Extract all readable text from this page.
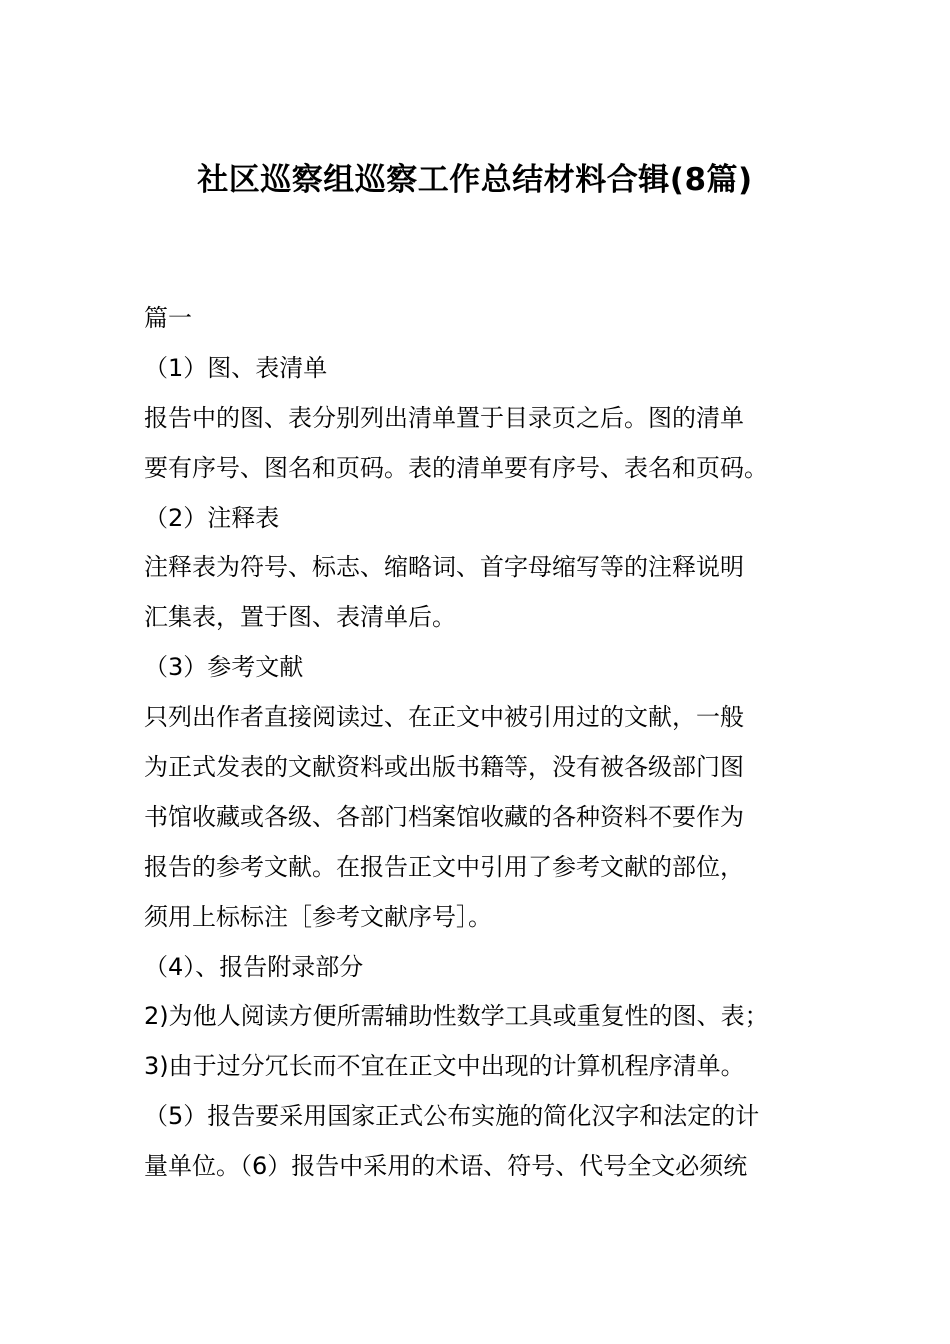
社区巡察组巡察工作总结材料合辑(8篇)
篇一
（1）图、表清单
报告中的图、表分别列出清单置于目录页之后。图的清单
要有序号、图名和页码。表的清单要有序号、表名和页码。
（2）注释表
注释表为符号、标志、缩略词、首字母缩写等的注释说明
汇集表，置于图、表清单后。
（3）参考文献
只列出作者直接阅读过、在正文中被引用过的文献，一般
为正式发表的文献资料或出版书籍等，没有被各级部门图
书馆收藏或各级、各部门档案馆收藏的各种资料不要作为
报告的参考文献。在报告正文中引用了参考文献的部位，
须用上标标注［参考文献序号］。
（4）、报告附录部分
2)为他人阅读方便所需辅助性数学工具或重复性的图、表；
3)由于过分冗长而不宜在正文中出现的计算机程序清单。
（5）报告要采用国家正式公布实施的简化汉字和法定的计
量单位。（6）报告中采用的术语、符号、代号全文必须统
